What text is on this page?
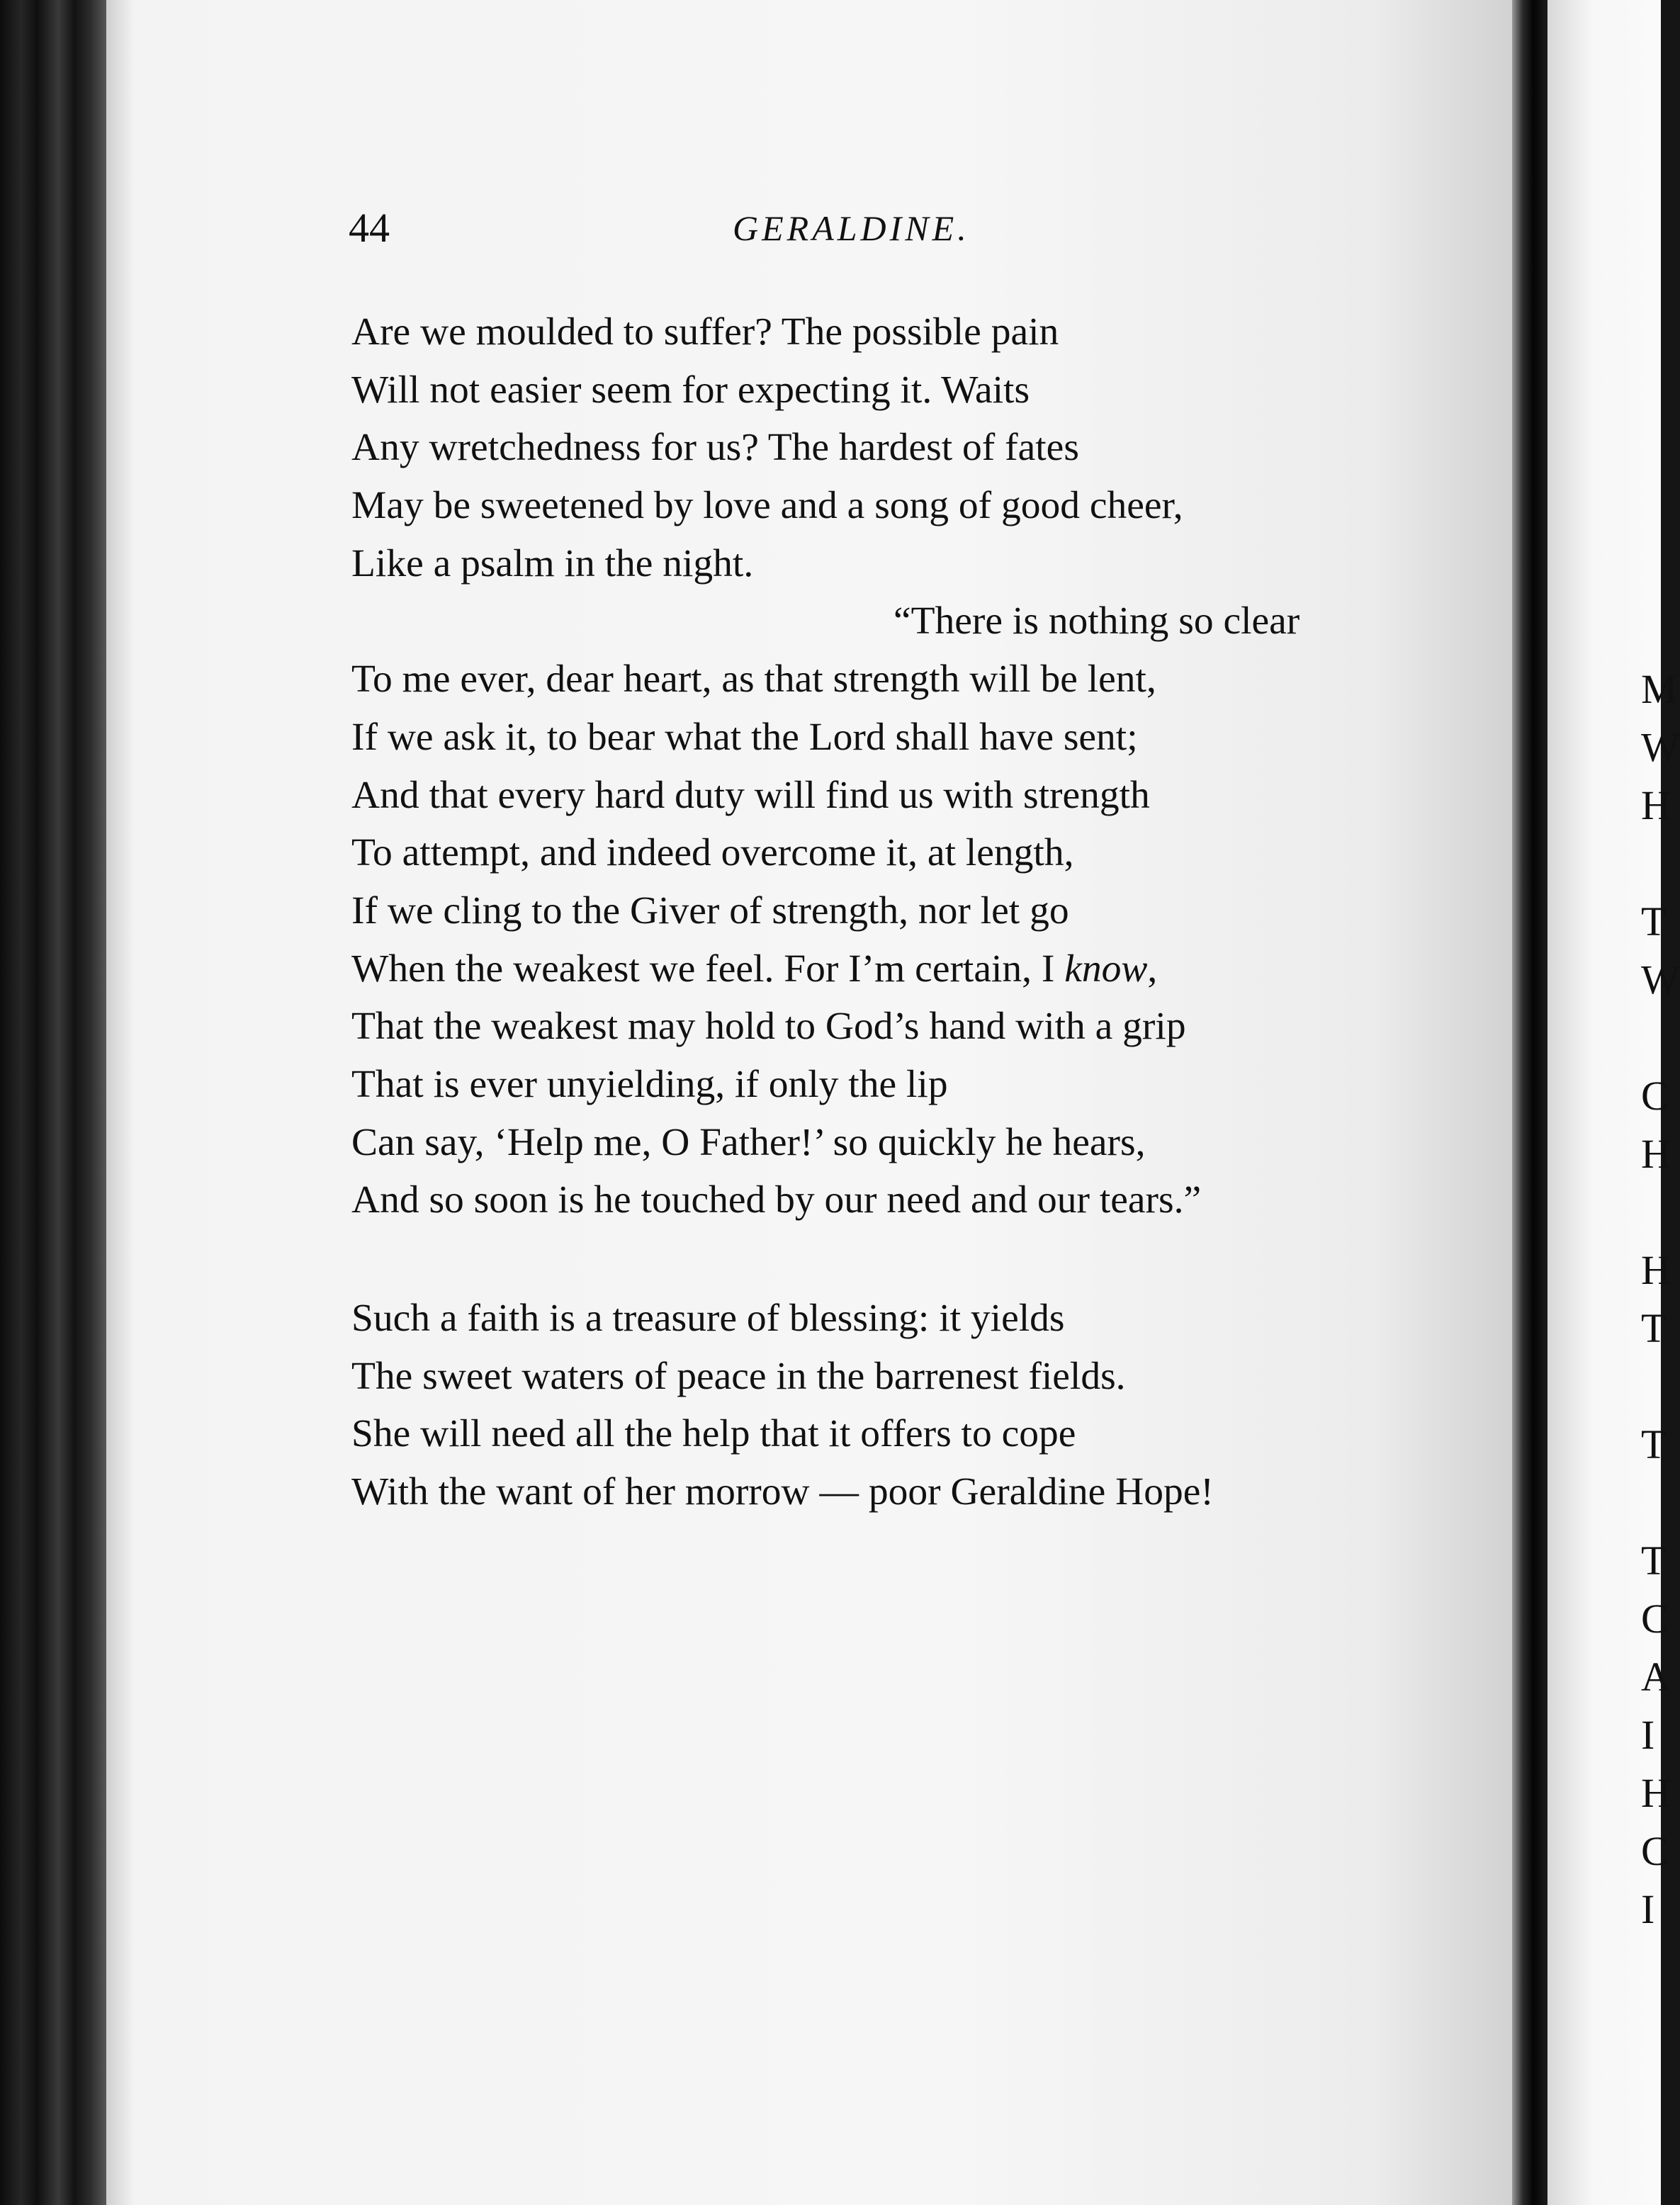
44	GERALDINE.
Are we moulded to suffer? The possible pain
Will not easier seem for expecting it. Waits
Any wretchedness for us? The hardest of fates
May be sweetened by love and a song of good cheer,
Like a psalm in the night.
“There is nothing so clear
To me ever, dear heart, as that strength will be lent,
If we ask it, to bear what the Lord shall have sent;
And that every hard duty will find us with strength
To attempt, and indeed overcome it, at length,
If we cling to the Giver of strength, nor let go
When the weakest we feel. For I’m certain, I know,
That the weakest may hold to God’s hand with a grip
That is ever unyielding, if only the lip
Can say, ‘Help me, O Father!’ so quickly he hears,
And so soon is he touched by our need and our tears.”
Such a faith is a treasure of blessing: it yields
The sweet waters of peace in the barrenest fields.
She will need all the help that it offers to cope
With the want of her morrow — poor Geraldine Hope!
M
W
H
T
W
C
H
H
T
T
T
C
A
I
H
C
I
